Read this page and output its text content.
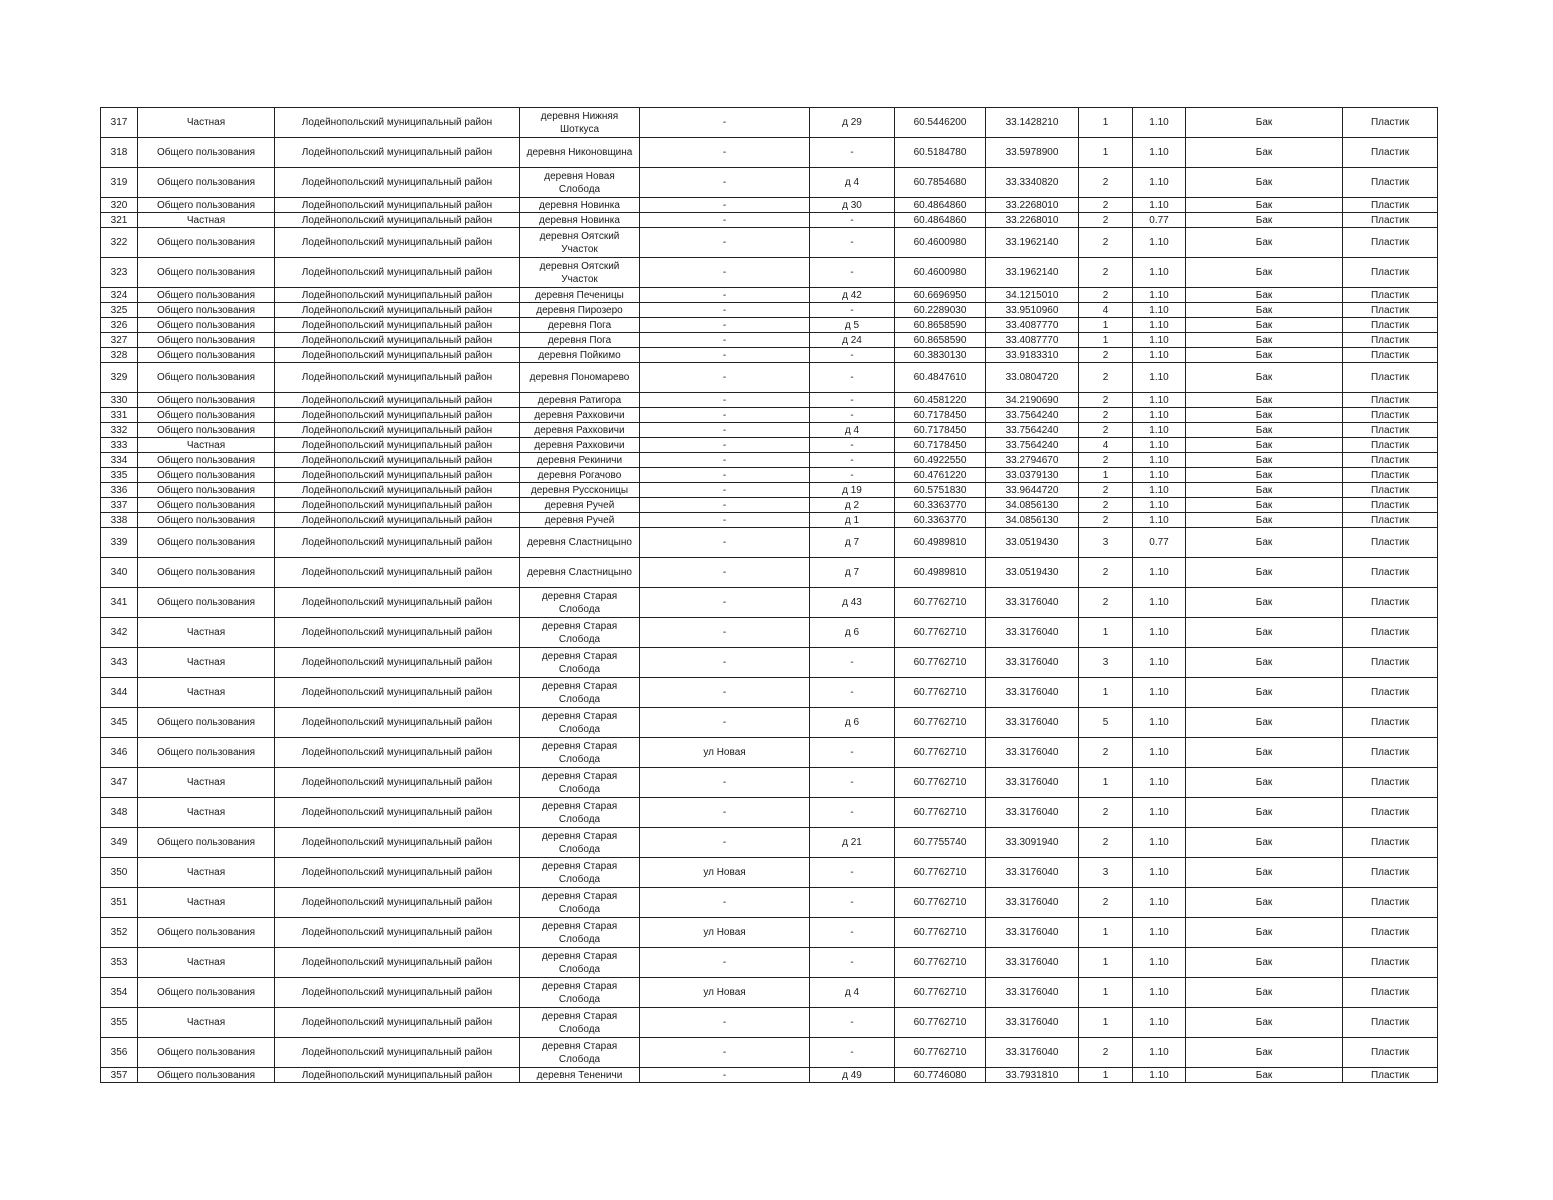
317	Частная	Лодейнопольский муниципальный район	деревня Нижняя Шоткуса	-	д 29	60.5446200	33.1428210	1	1.10	Бак	Пластик
318	Общего пользования	Лодейнопольский муниципальный район	деревня Никоновщина	-	-	60.5184780	33.5978900	1	1.10	Бак	Пластик
319	Общего пользования	Лодейнопольский муниципальный район	деревня Новая Слобода	-	д 4	60.7854680	33.3340820	2	1.10	Бак	Пластик
320	Общего пользования	Лодейнопольский муниципальный район	деревня Новинка	-	д 30	60.4864860	33.2268010	2	1.10	Бак	Пластик
321	Частная	Лодейнопольский муниципальный район	деревня Новинка	-	-	60.4864860	33.2268010	2	0.77	Бак	Пластик
322	Общего пользования	Лодейнопольский муниципальный район	деревня Оятский Участок	-	-	60.4600980	33.1962140	2	1.10	Бак	Пластик
323	Общего пользования	Лодейнопольский муниципальный район	деревня Оятский Участок	-	-	60.4600980	33.1962140	2	1.10	Бак	Пластик
324	Общего пользования	Лодейнопольский муниципальный район	деревня Печеницы	-	д 42	60.6696950	34.1215010	2	1.10	Бак	Пластик
325	Общего пользования	Лодейнопольский муниципальный район	деревня Пирозеро	-	-	60.2289030	33.9510960	4	1.10	Бак	Пластик
326	Общего пользования	Лодейнопольский муниципальный район	деревня Пога	-	д 5	60.8658590	33.4087770	1	1.10	Бак	Пластик
327	Общего пользования	Лодейнопольский муниципальный район	деревня Пога	-	д 24	60.8658590	33.4087770	1	1.10	Бак	Пластик
328	Общего пользования	Лодейнопольский муниципальный район	деревня Пойкимо	-	-	60.3830130	33.9183310	2	1.10	Бак	Пластик
329	Общего пользования	Лодейнопольский муниципальный район	деревня Пономарево	-	-	60.4847610	33.0804720	2	1.10	Бак	Пластик
330	Общего пользования	Лодейнопольский муниципальный район	деревня Ратигора	-	-	60.4581220	34.2190690	2	1.10	Бак	Пластик
331	Общего пользования	Лодейнопольский муниципальный район	деревня Рахковичи	-	-	60.7178450	33.7564240	2	1.10	Бак	Пластик
332	Общего пользования	Лодейнопольский муниципальный район	деревня Рахковичи	-	д 4	60.7178450	33.7564240	2	1.10	Бак	Пластик
333	Частная	Лодейнопольский муниципальный район	деревня Рахковичи	-	-	60.7178450	33.7564240	4	1.10	Бак	Пластик
334	Общего пользования	Лодейнопольский муниципальный район	деревня Рекиничи	-	-	60.4922550	33.2794670	2	1.10	Бак	Пластик
335	Общего пользования	Лодейнопольский муниципальный район	деревня Рогачово	-	-	60.4761220	33.0379130	1	1.10	Бак	Пластик
336	Общего пользования	Лодейнопольский муниципальный район	деревня Руссконицы	-	д 19	60.5751830	33.9644720	2	1.10	Бак	Пластик
337	Общего пользования	Лодейнопольский муниципальный район	деревня Ручей	-	д 2	60.3363770	34.0856130	2	1.10	Бак	Пластик
338	Общего пользования	Лодейнопольский муниципальный район	деревня Ручей	-	д 1	60.3363770	34.0856130	2	1.10	Бак	Пластик
339	Общего пользования	Лодейнопольский муниципальный район	деревня Сластницыно	-	д 7	60.4989810	33.0519430	3	0.77	Бак	Пластик
340	Общего пользования	Лодейнопольский муниципальный район	деревня Сластницыно	-	д 7	60.4989810	33.0519430	2	1.10	Бак	Пластик
341	Общего пользования	Лодейнопольский муниципальный район	деревня Старая Слобода	-	д 43	60.7762710	33.3176040	2	1.10	Бак	Пластик
342	Частная	Лодейнопольский муниципальный район	деревня Старая Слобода	-	д 6	60.7762710	33.3176040	1	1.10	Бак	Пластик
343	Частная	Лодейнопольский муниципальный район	деревня Старая Слобода	-	-	60.7762710	33.3176040	3	1.10	Бак	Пластик
344	Частная	Лодейнопольский муниципальный район	деревня Старая Слобода	-	-	60.7762710	33.3176040	1	1.10	Бак	Пластик
345	Общего пользования	Лодейнопольский муниципальный район	деревня Старая Слобода	-	д 6	60.7762710	33.3176040	5	1.10	Бак	Пластик
346	Общего пользования	Лодейнопольский муниципальный район	деревня Старая Слобода	ул Новая	-	60.7762710	33.3176040	2	1.10	Бак	Пластик
347	Частная	Лодейнопольский муниципальный район	деревня Старая Слобода	-	-	60.7762710	33.3176040	1	1.10	Бак	Пластик
348	Частная	Лодейнопольский муниципальный район	деревня Старая Слобода	-	-	60.7762710	33.3176040	2	1.10	Бак	Пластик
349	Общего пользования	Лодейнопольский муниципальный район	деревня Старая Слобода	-	д 21	60.7755740	33.3091940	2	1.10	Бак	Пластик
350	Частная	Лодейнопольский муниципальный район	деревня Старая Слобода	ул Новая	-	60.7762710	33.3176040	3	1.10	Бак	Пластик
351	Частная	Лодейнопольский муниципальный район	деревня Старая Слобода	-	-	60.7762710	33.3176040	2	1.10	Бак	Пластик
352	Общего пользования	Лодейнопольский муниципальный район	деревня Старая Слобода	ул Новая	-	60.7762710	33.3176040	1	1.10	Бак	Пластик
353	Частная	Лодейнопольский муниципальный район	деревня Старая Слобода	-	-	60.7762710	33.3176040	1	1.10	Бак	Пластик
354	Общего пользования	Лодейнопольский муниципальный район	деревня Старая Слобода	ул Новая	д 4	60.7762710	33.3176040	1	1.10	Бак	Пластик
355	Частная	Лодейнопольский муниципальный район	деревня Старая Слобода	-	-	60.7762710	33.3176040	1	1.10	Бак	Пластик
356	Общего пользования	Лодейнопольский муниципальный район	деревня Старая Слобода	-	-	60.7762710	33.3176040	2	1.10	Бак	Пластик
357	Общего пользования	Лодейнопольский муниципальный район	деревня Тененичи	-	д 49	60.7746080	33.7931810	1	1.10	Бак	Пластик
